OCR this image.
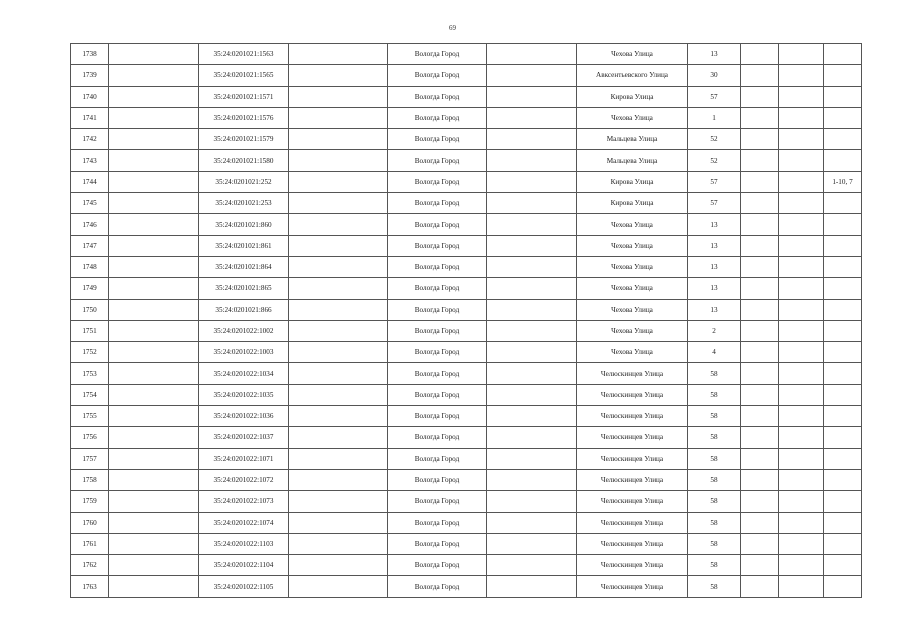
69
1738		35:24:0201021:1563		Вологда Город		Чехова Улица	13			
1739		35:24:0201021:1565		Вологда Город		Авксентьевского Улица	30			
1740		35:24:0201021:1571		Вологда Город		Кирова Улица	57			
1741		35:24:0201021:1576		Вологда Город		Чехова Улица	1			
1742		35:24:0201021:1579		Вологда Город		Мальцева Улица	52			
1743		35:24:0201021:1580		Вологда Город		Мальцева Улица	52			
1744		35:24:0201021:252		Вологда Город		Кирова Улица	57			1-10, 7
1745		35:24:0201021:253		Вологда Город		Кирова Улица	57			
1746		35:24:0201021:860		Вологда Город		Чехова Улица	13			
1747		35:24:0201021:861		Вологда Город		Чехова Улица	13			
1748		35:24:0201021:864		Вологда Город		Чехова Улица	13			
1749		35:24:0201021:865		Вологда Город		Чехова Улица	13			
1750		35:24:0201021:866		Вологда Город		Чехова Улица	13			
1751		35:24:0201022:1002		Вологда Город		Чехова Улица	2			
1752		35:24:0201022:1003		Вологда Город		Чехова Улица	4			
1753		35:24:0201022:1034		Вологда Город		Челюскинцев Улица	58			
1754		35:24:0201022:1035		Вологда Город		Челюскинцев Улица	58			
1755		35:24:0201022:1036		Вологда Город		Челюскинцев Улица	58			
1756		35:24:0201022:1037		Вологда Город		Челюскинцев Улица	58			
1757		35:24:0201022:1071		Вологда Город		Челюскинцев Улица	58			
1758		35:24:0201022:1072		Вологда Город		Челюскинцев Улица	58			
1759		35:24:0201022:1073		Вологда Город		Челюскинцев Улица	58			
1760		35:24:0201022:1074		Вологда Город		Челюскинцев Улица	58			
1761		35:24:0201022:1103		Вологда Город		Челюскинцев Улица	58			
1762		35:24:0201022:1104		Вологда Город		Челюскинцев Улица	58			
1763		35:24:0201022:1105		Вологда Город		Челюскинцев Улица	58			
